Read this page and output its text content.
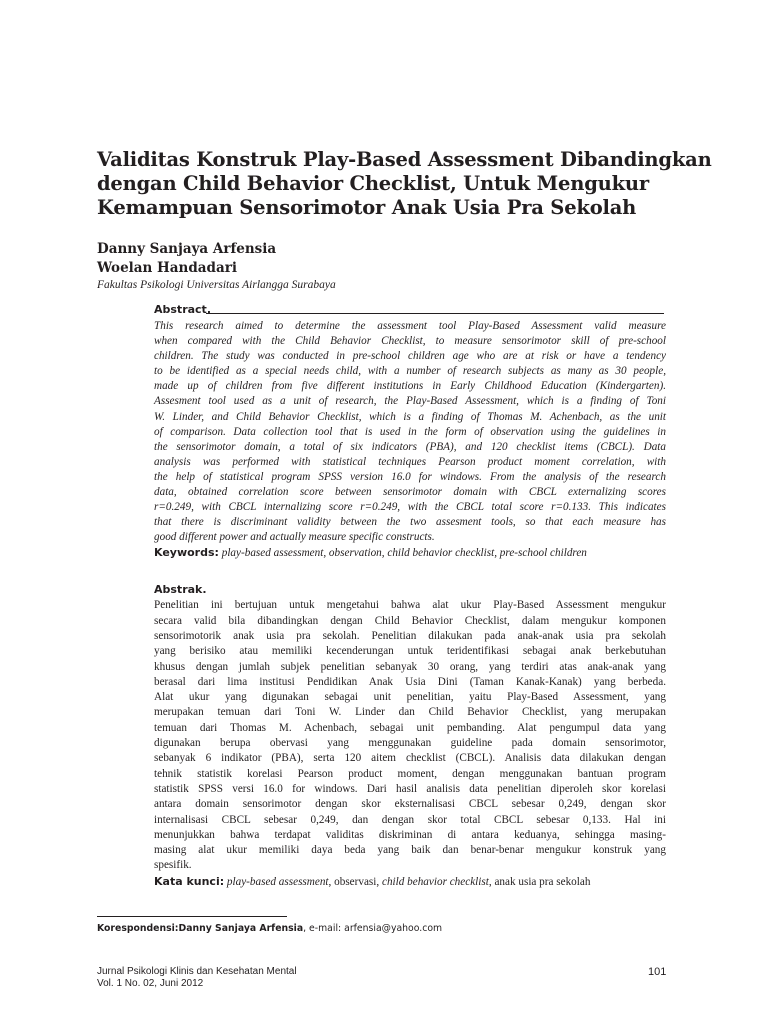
Validitas Konstruk Play-Based Assessment Dibandingkan
dengan Child Behavior Checklist, Untuk Mengukur
Kemampuan Sensorimotor Anak Usia Pra Sekolah
Danny Sanjaya Arfensia
Woelan Handadari
Fakultas Psikologi Universitas Airlangga Surabaya
Abstract.
This research aimed to determine the assessment tool Play-Based Assessment valid measure
when compared with the Child Behavior Checklist, to measure sensorimotor skill of pre-school
children. The study was conducted in pre-school children age who are at risk or have a tendency
to be identified as a special needs child, with a number of research subjects as many as 30 people,
made up of children from five different institutions in Early Childhood Education (Kindergarten).
Assesment tool used as a unit of research, the Play-Based Assessment, which is a finding of Toni
W. Linder, and Child Behavior Checklist, which is a finding of Thomas M. Achenbach, as the unit
of comparison. Data collection tool that is used in the form of observation using the guidelines in
the sensorimotor domain, a total of six indicators (PBA), and 120 checklist items (CBCL). Data
analysis was performed with statistical techniques Pearson product moment correlation, with
the help of statistical program SPSS version 16.0 for windows. From the analysis of the research
data, obtained correlation score between sensorimotor domain with CBCL externalizing scores
r=0.249, with CBCL internalizing score r=0.249, with the CBCL total score r=0.133. This indicates
that there is discriminant validity between the two assesment tools, so that each measure has
good different power and actually measure specific constructs.
Keywords: play-based assessment, observation, child behavior checklist, pre-school children
Abstrak.
Penelitian ini bertujuan untuk mengetahui bahwa alat ukur Play-Based Assessment mengukur
secara valid bila dibandingkan dengan Child Behavior Checklist, dalam mengukur komponen
sensorimotorik anak usia pra sekolah. Penelitian dilakukan pada anak-anak usia pra sekolah
yang berisiko atau memiliki kecenderungan untuk teridentifikasi sebagai anak berkebutuhan
khusus dengan jumlah subjek penelitian sebanyak 30 orang, yang terdiri atas anak-anak yang
berasal dari lima institusi Pendidikan Anak Usia Dini (Taman Kanak-Kanak) yang berbeda.
Alat ukur yang digunakan sebagai unit penelitian, yaitu Play-Based Assessment, yang
merupakan temuan dari Toni W. Linder dan Child Behavior Checklist, yang merupakan
temuan dari Thomas M. Achenbach, sebagai unit pembanding. Alat pengumpul data yang
digunakan berupa obervasi yang menggunakan guideline pada domain sensorimotor,
sebanyak 6 indikator (PBA), serta 120 aitem checklist (CBCL). Analisis data dilakukan dengan
tehnik statistik korelasi Pearson product moment, dengan menggunakan bantuan program
statistik SPSS versi 16.0 for windows. Dari hasil analisis data penelitian diperoleh skor korelasi
antara domain sensorimotor dengan skor eksternalisasi CBCL sebesar 0,249, dengan skor
internalisasi CBCL sebesar 0,249, dan dengan skor total CBCL sebesar 0,133. Hal ini
menunjukkan bahwa terdapat validitas diskriminan di antara keduanya, sehingga masing-
masing alat ukur memiliki daya beda yang baik dan benar-benar mengukur konstruk yang
spesifik.
Kata kunci: play-based assessment, observasi, child behavior checklist, anak usia pra sekolah
Korespondensi:Danny Sanjaya Arfensia, e-mail: arfensia@yahoo.com
Jurnal Psikologi Klinis dan Kesehatan Mental
Vol. 1 No. 02, Juni 2012
101
